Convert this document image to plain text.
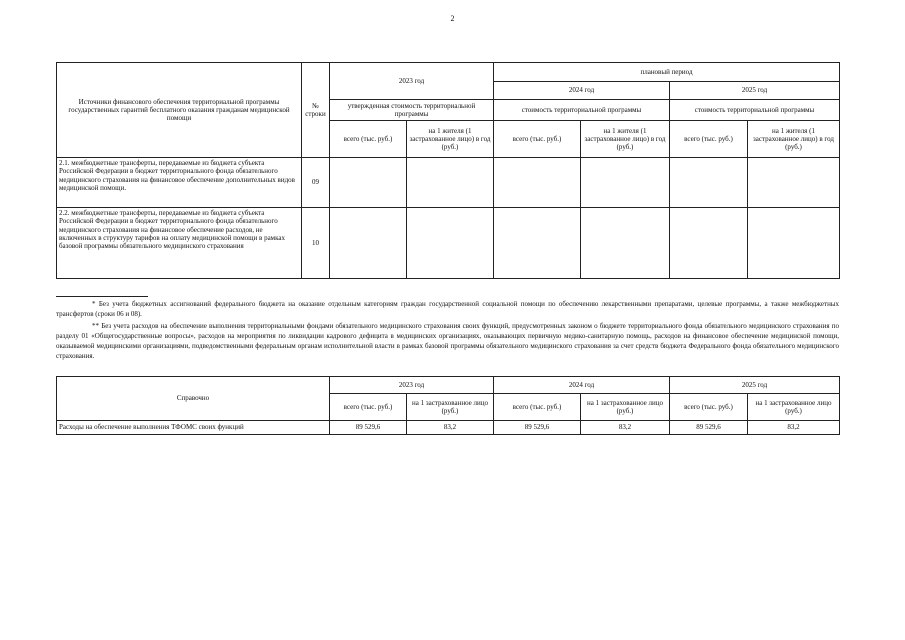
2
Источники финансового обеспечения территориальной программы государственных гарантий бесплатного оказания гражданам медицинской помощи	№ строки	2023 год		плановый период			
				2024 год		2025 год	
		утвержденная стоимость территориальной программы		стоимость территориальной программы		стоимость территориальной программы	
		всего (тыс. руб.)	на 1 жителя (1 застрахованное лицо) в год (руб.)	всего (тыс. руб.)	на 1 жителя (1 застрахованное лицо) в год (руб.)	всего (тыс. руб.)	на 1 жителя (1 застрахованное лицо) в год (руб.)
2.1. межбюджетные трансферты, передаваемые из бюджета субъекта Российской Федерации в бюджет территориального фонда обязательного медицинского страхования на финансовое обеспечение дополнительных видов медицинской помощи.	09						
2.2. межбюджетные трансферты, передаваемые из бюджета субъекта Российской Федерации в бюджет территориального фонда обязательного медицинского страхования на финансовое обеспечение расходов, не включенных в структуру тарифов на оплату медицинской помощи в рамках базовой программы обязательного медицинского страхования	10						
* Без учета бюджетных ассигнований федерального бюджета на оказание отдельным категориям граждан государственной социальной помощи по обеспечению лекарственными препаратами, целевые программы, а также межбюджетных трансфертов (сроки 06 и 08).
** Без учета расходов на обеспечение выполнения территориальными фондами обязательного медицинского страхования своих функций, предусмотренных законом о бюджете территориального фонда обязательного медицинского страхования по разделу 01 «Общегосударственные вопросы», расходов на мероприятия по ликвидации кадрового дефицита в медицинских организациях, оказывающих первичную медико-санитарную помощь, расходов на финансовое обеспечение медицинской помощи, оказываемой медицинскими организациями, подведомственными федеральным органам исполнительной власти в рамках базовой программы обязательного медицинского страхования за счет средств бюджета Федерального фонда обязательного медицинского страхования.
Справочно	2023 год		2024 год		2025 год	
	всего (тыс. руб.)	на 1 застрахованное лицо (руб.)	всего (тыс. руб.)	на 1 застрахованное лицо (руб.)	всего (тыс. руб.)	на 1 застрахованное лицо (руб.)
Расходы на обеспечение выполнения ТФОМС своих функций	89 529,6	83,2	89 529,6	83,2	89 529,6	83,2
